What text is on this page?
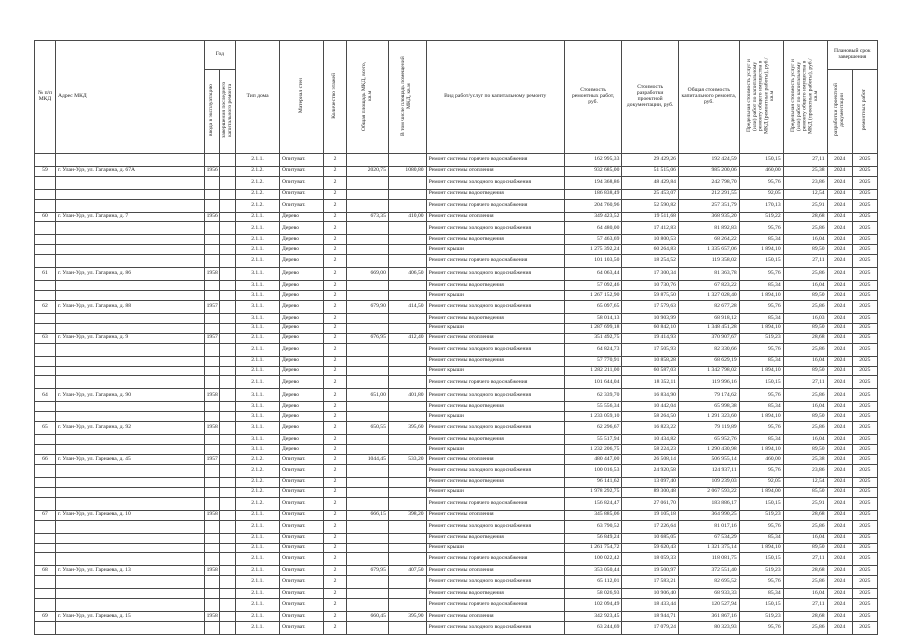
№ п/п МКД	Адрес МКД	Год		Тип дома	Материал стен	Количество этажей	Общая площадь МКД, всего, кв.м	В том числе площадь помещений МКД, кв.м	Вид работ/услуг по капитальному ремонту	Стоимость ремонтных работ, руб.	Стоимость разработки проектной документации, руб.	Общая стоимость капитального ремонта, руб.	Предельная стоимость услуг и (или) работ по капитальному ремонту общего имущества в МКД (ремонтные работы), руб./кв.м	Предельная стоимость услуг и (или) работ по капитальному ремонту общего имущества в МКД (проектные работы), руб./кв.м	Плановый срок завершения	
		ввода в эксплуатацию	завершения последнего капитального ремонта												разработки проектной документации	ремонтных работ
				2.1.1.	Опитуват.	2			Ремонт системы горячего водоснабжения	162 995,33	29 429,26	192 424,59	150,15	27,11	2024	2025
59	г. Улан-Удэ, ул. Гагарина, д. 67А	1956		2.1.2.	Опитуват.	2	2020,75	1080,80	Ремонт системы отопления	932 685,00	51 515,06	985 200,06	460,00	25,38	2024	2025
				2.1.2.	Опитуват.	2			Ремонт системы холодного водоснабжения	194 368,86	48 429,84	242 798,70	95,76	23,86	2024	2025
				2.1.2.	Опитуват.	2			Ремонт системы водоотведения	186 838,49	25 453,07	212 291,55	92,05	12,54	2024	2025
				2.1.2.	Опитуват.	2			Ремонт системы горячего водоснабжения	204 760,96	52 590,82	257 351,79	170,13	25,91	2024	2025
60	г. Улан-Удэ, ул. Гагарина, д. 7	1956		2.1.1.	Дерево	2	673,35	410,00	Ремонт системы отопления	349 423,52	19 511,68	368 935,20	519,22	28,68	2024	2025
				2.1.1.	Дерево	2			Ремонт системы холодного водоснабжения	64 480,00	17 412,83	81 892,83	95,76	25,86	2024	2025
				2.1.1.	Дерево	2			Ремонт системы водоотведения	57 463,69	10 800,53	68 264,22	85,34	16,04	2024	2025
				2.1.1.	Дерево	2			Ремонт крыши	1 275 392,24	60 264,83	1 335 657,06	1 894,10	89,50	2024	2025
				2.1.1.	Дерево	2			Ремонт системы горячего водоснабжения	101 103,50	18 254,52	119 358,02	150,15	27,11	2024	2025
61	г. Улан-Удэ, ул. Гагарина, д. 86	1958		3.1.1.	Дерево	2	669,00	406,50	Ремонт системы холодного водоснабжения	64 063,44	17 300,34	81 363,78	95,76	25,86	2024	2025
				3.1.1.	Дерево	2			Ремонт системы водоотведения	57 092,46	10 730,76	67 823,22	85,34	16,04	2024	2025
				3.1.1.	Дерево	2			Ремонт крыши	1 267 152,90	59 875,50	1 327 028,40	1 894,10	89,50	2024	2025
62	г. Улан-Удэ, ул. Гагарина, д. 88	1957		3.1.1.	Дерево	2	679,90	414,50	Ремонт системы холодного водоснабжения	65 097,65	17 579,63	82 677,28	95,76	25,86	2024	2025
				3.1.1.	Дерево	2			Ремонт системы водоотведения	58 014,13	10 903,99	68 918,12	85,34	16,03	2024	2025
				3.1.1.	Дерево	2			Ремонт крыши	1 287 699,18	60 842,10	1 348 451,28	1 894,10	89,50	2024	2025
63	г. Улан-Удэ, ул. Гагарина, д. 9	1957		2.1.1.	Дерево	2	676,95	412,40	Ремонт системы отопления	351 492,75	19 414,93	370 907,67	519,23	28,68	2024	2025
				2.1.1.	Дерево	2			Ремонт системы холодного водоснабжения	64 824,73	17 505,93	82 330,66	95,76	25,86	2024	2025
				2.1.1.	Дерево	2			Ремонт системы водоотведения	57 770,91	10 858,28	68 629,19	85,34	16,04	2024	2025
				2.1.1.	Дерево	2			Ремонт крыши	1 282 211,00	60 587,03	1 342 798,02	1 894,10	89,50	2024	2025
				2.1.1.	Дерево	2			Ремонт системы горячего водоснабжения	101 644,04	18 352,11	119 996,16	150,15	27,11	2024	2025
64	г. Улан-Удэ, ул. Гагарина, д. 90	1958		3.1.1.	Дерево	2	651,00	401,80	Ремонт системы холодного водоснабжения	62 339,70	16 834,90	79 174,62	95,76	25,86	2024	2025
				3.1.1.	Дерево	2			Ремонт системы водоотведения	55 556,34	10 442,04	65 998,38	85,34	16,04	2024	2025
				3.1.1.	Дерево	2			Ремонт крыши	1 233 059,10	58 264,50	1 291 323,60	1 894,10	89,50	2024	2025
65	г. Улан-Удэ, ул. Гагарина, д. 92	1958		3.1.1.	Дерево	2	650,55	395,60	Ремонт системы холодного водоснабжения	62 296,67	16 823,22	79 119,89	95,76	25,86	2024	2025
				3.1.1.	Дерево	2			Ремонт системы водоотведения	55 517,94	10 434,82	65 952,76	85,34	16,04	2024	2025
				3.1.1.	Дерево	2			Ремонт крыши	1 232 206,75	58 224,23	1 290 430,98	1 894,10	89,50	2024	2025
66	г. Улан-Удэ, ул. Гарнаева, д. 45	1957		2.1.2.	Опитуват.	2	1044,45	533,20	Ремонт системы отопления	480 447,00	26 508,14	506 955,14	460,00	25,38	2024	2025
				2.1.2.	Опитуват.	2			Ремонт системы холодного водоснабжения	100 016,53	24 920,58	124 937,11	95,76	23,86	2024	2025
				2.1.2.	Опитуват.	2			Ремонт системы водоотведения	96 141,62	13 097,40	109 239,03	92,05	12,54	2024	2025
				2.1.2.	Опитуват.	2			Ремонт крыши	1 978 292,75	89 300,48	2 067 593,22	1 894,00	85,50	2024	2025
				2.1.2.	Опитуват.	2			Ремонт системы горячего водоснабжения	156 824,47	27 061,70	183 886,17	150,15	25,91	2024	2025
67	г. Улан-Удэ, ул. Гарнаева, д. 10	1958		2.1.1.	Опитуват.	2	666,15	398,20	Ремонт системы отопления	345 885,06	19 105,18	364 990,25	519,23	28,68	2024	2025
				2.1.1.	Опитуват.	2			Ремонт системы холодного водоснабжения	63 790,52	17 226,64	81 017,16	95,76	25,86	2024	2025
				2.1.1.	Опитуват.	2			Ремонт системы водоотведения	56 849,24	10 685,05	67 534,29	85,34	16,04	2024	2025
				2.1.1.	Опитуват.	2			Ремонт крыши	1 261 754,72	59 620,43	1 321 375,14	1 894,10	89,50	2024	2025
				2.1.1.	Опитуват.	2			Ремонт системы горячего водоснабжения	100 022,42	18 059,33	118 081,75	150,15	27,11	2024	2025
68	г. Улан-Удэ, ул. Гарнаева, д. 13	1958		2.1.1.	Опитуват.	2	679,95	407,50	Ремонт системы отопления	353 050,44	19 500,97	372 551,40	519,23	28,68	2024	2025
				2.1.1.	Опитуват.	2			Ремонт системы холодного водоснабжения	65 112,01	17 583,21	82 695,52	95,76	25,86	2024	2025
				2.1.1.	Опитуват.	2			Ремонт системы водоотведения	58 026,93	10 906,40	68 933,33	85,34	16,04	2024	2025
				2.1.1.	Опитуват.	2			Ремонт системы горячего водоснабжения	102 094,49	18 433,44	120 527,94	150,15	27,11	2024	2025
69	г. Улан-Удэ, ул. Гарнаева, д. 15	1958		2.1.1.	Опитуват.	2	660,45	395,90	Ремонт системы отопления	342 923,45	18 944,71	361 867,16	519,23	28,68	2024	2025
				2.1.1.	Опитуват.	2			Ремонт системы холодного водоснабжения	63 244,69	17 079,24	80 323,93	95,76	25,86	2024	2025
